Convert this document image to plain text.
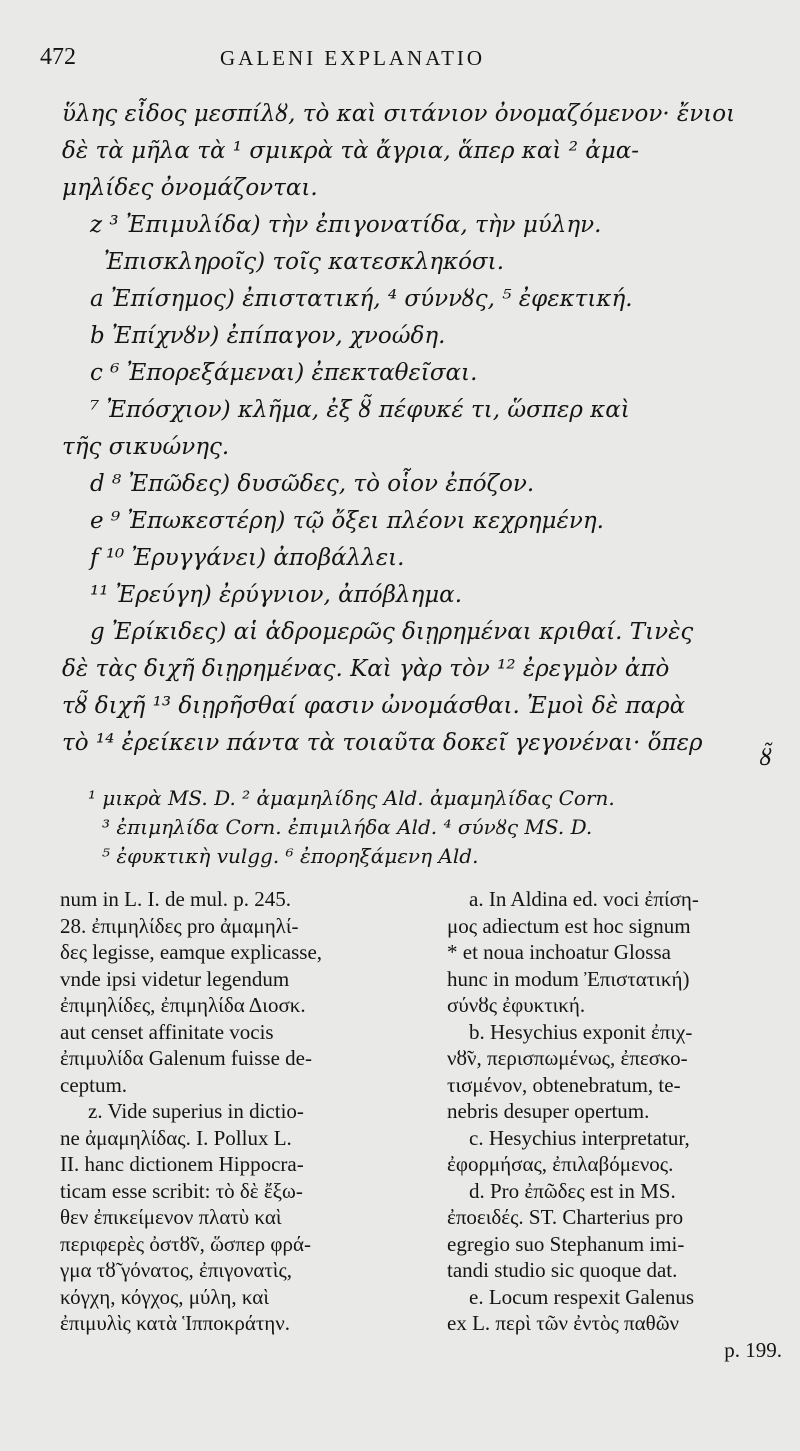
472	GALENI EXPLANATIO
ὕλης εἶδος μεσπίλȣ, τὸ καὶ σιτάνιον ὀνομαζόμενον· ἔνιοι
δὲ τὰ μῆλα τὰ ¹ σμικρὰ τὰ ἄγρια, ἅπερ καὶ ² ἀμα-
μηλίδες ὀνομάζονται.
z ³ Ἐπιμυλίδα) τὴν ἐπιγονατίδα, τὴν μύλην.
Ἐπισκληροῖς) τοῖς κατεσκληκόσι.
a Ἐπίσημος) ἐπιστατική, ⁴ σύννȣς, ⁵ ἐφεκτική.
b Ἐπίχνȣν) ἐπίπαγον, χνοώδη.
c ⁶ Ἐπορεξάμεναι) ἐπεκταθεῖσαι.
⁷ Ἐπόσχιον) κλῆμα, ἐξ ȣ̃ πέφυκέ τι, ὥσπερ καὶ
τῆς σικυώνης.
d ⁸ Ἐπῶδες) δυσῶδες, τὸ οἷον ἐπόζον.
e ⁹ Ἐπωκεστέρη) τῷ ὄξει πλέονι κεχρημένη.
f ¹⁰ Ἐρυγγάνει) ἀποβάλλει.
¹¹ Ἐρεύγη) ἐρύγνιον, ἀπόβλημα.
g Ἐρίκιδες) αἱ ἁδρομερῶς διῃρημέναι κριθαί. Τινὲς
δὲ τὰς διχῆ διῃρημένας. Καὶ γὰρ τὸν ¹² ἐρεγμὸν ἀπὸ
τȣ̃ διχῆ ¹³ διῃρῆσθαί φασιν ὠνομάσθαι. Ἐμοὶ δὲ παρὰ
τὸ ¹⁴ ἐρείκειν πάντα τὰ τοιαῦτα δοκεῖ γεγονέναι· ὅπερ
ȣ̃
¹ μικρὰ MS. D. ² ἀμαμηλίδης Ald. ἀμαμηλίδας Corn.
³ ἐπιμηλίδα Corn. ἐπιμιλήδα Ald. ⁴ σύνȣς MS. D.
⁵ ἐφυκτικὴ vulgg. ⁶ ἐπορηξάμενη Ald.
num in L. I. de mul. p. 245.
28. ἐπιμηλίδες pro ἀμαμηλί-
δες legisse, eamque explicasse,
vnde ipsi videtur legendum
ἐπιμηλίδες, ἐπιμηλίδα Διοσκ.
aut censet affinitate vocis
ἐπιμυλίδα Galenum fuisse de-
ceptum.
z. Vide superius in dictio-
ne ἀμαμηλίδας. I. Pollux L.
II. hanc dictionem Hippocra-
ticam esse scribit: τὸ δὲ ἔξω-
θεν ἐπικείμενον πλατὺ καὶ
περιφερὲς ὀστȣ̃ν, ὥσπερ φρά-
γμα τȣ̃ γόνατος, ἐπιγονατὶς,
κόγχη, κόγχος, μύλη, καὶ
ἐπιμυλὶς κατὰ Ἱπποκράτην.
a. In Aldina ed. voci ἐπίση-
μος adiectum est hoc signum
* et noua inchoatur Glossa
hunc in modum Ἐπιστατική)
σύνȣς ἐφυκτική.
b. Hesychius exponit ἐπιχ-
νȣ̃ν, περισπωμένως, ἐπεσκο-
τισμένον, obtenebratum, te-
nebris desuper opertum.
c. Hesychius interpretatur,
ἐφορμήσας, ἐπιλαβόμενος.
d. Pro ἐπῶδες est in MS.
ἐποειδές. ST. Charterius pro
egregio suo Stephanum imi-
tandi studio sic quoque dat.
e. Locum respexit Galenus
ex L. περὶ τῶν ἐντὸς παθῶν
p. 199.
